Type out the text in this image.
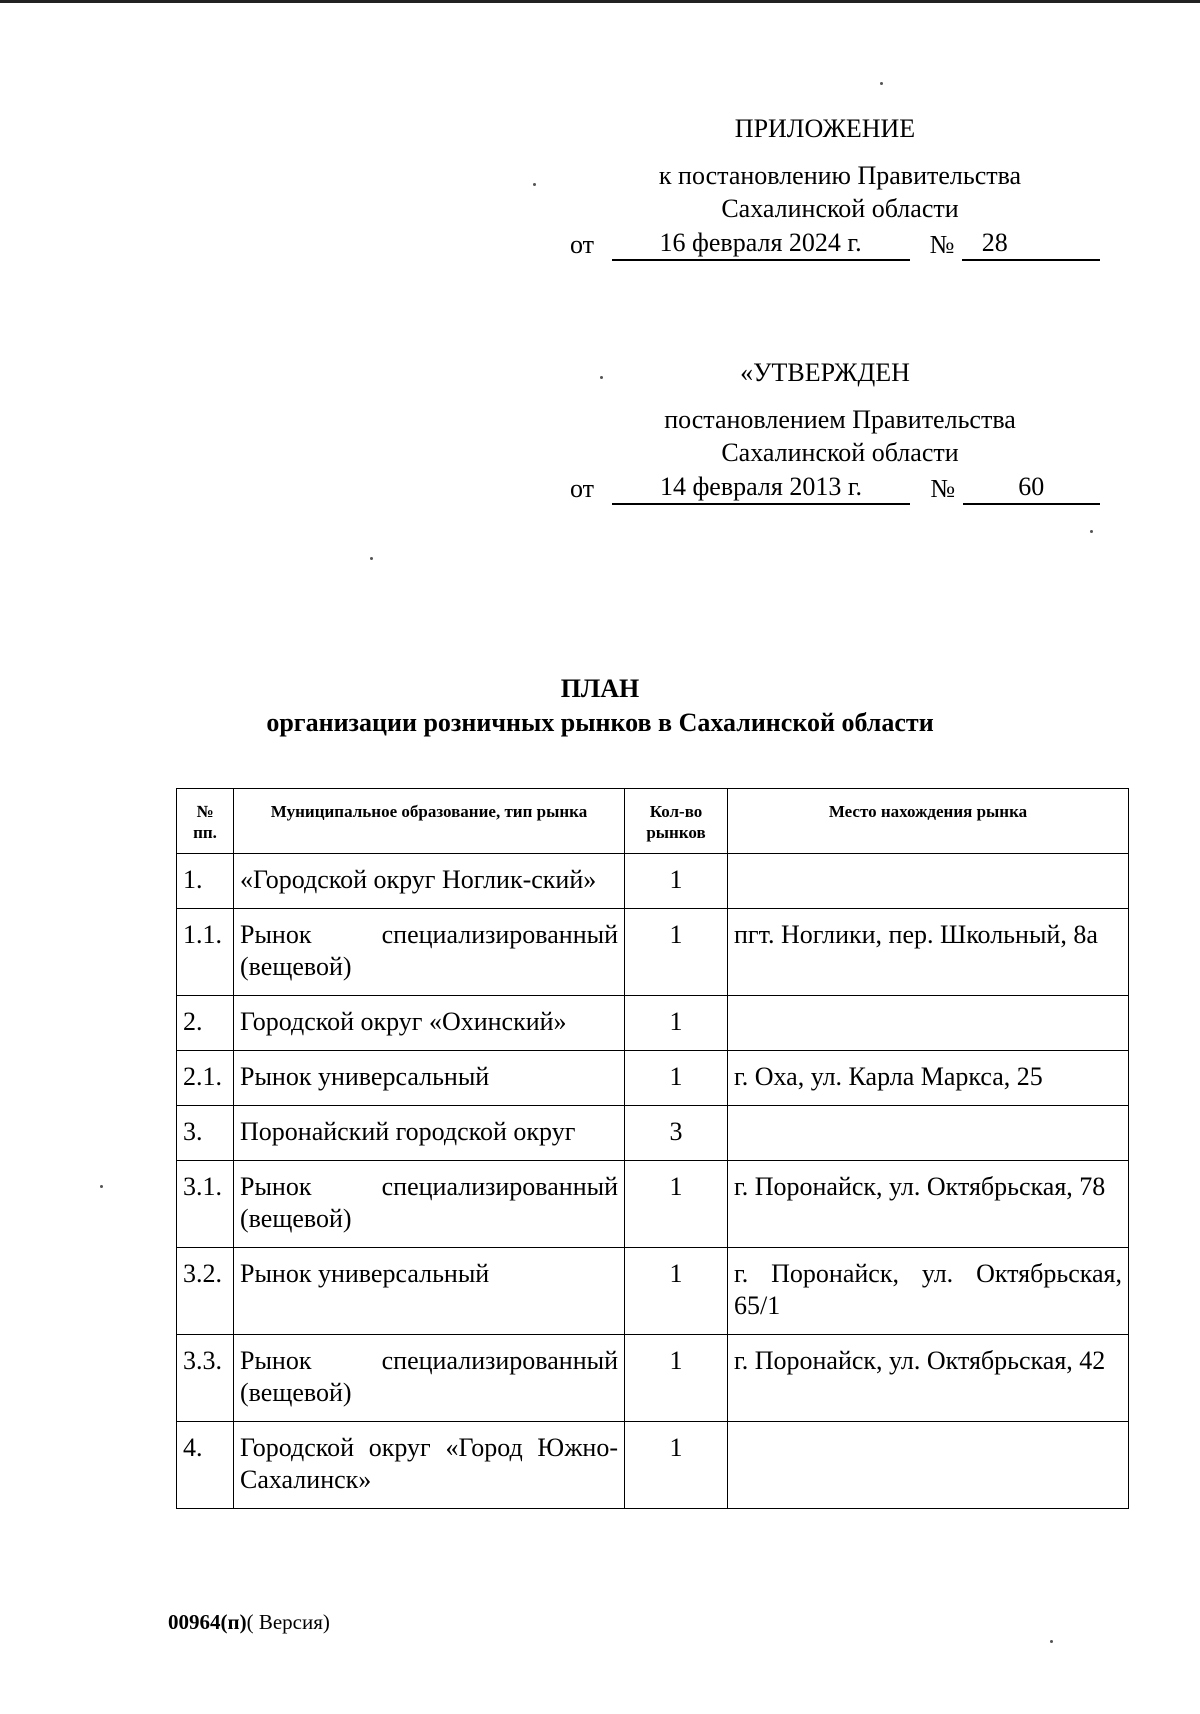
ПРИЛОЖЕНИЕ
к постановлению Правительства
Сахалинской области
от	16 февраля 2024 г.	№	28
«УТВЕРЖДЕН
постановлением Правительства
Сахалинской области
от	14 февраля 2013 г.	№	60
ПЛАН
организации розничных рынков в Сахалинской области
№ пп.	Муниципальное образование, тип рынка	Кол-во рынков	Место нахождения рынка
1.	«Городской округ Ноглик-ский»	1	
1.1.	Рынок специализированный (вещевой)	1	пгт. Ноглики, пер. Школьный, 8а
2.	Городской округ «Охинский»	1	
2.1.	Рынок универсальный	1	г. Оха, ул. Карла Маркса, 25
3.	Поронайский городской округ	3	
3.1.	Рынок специализированный (вещевой)	1	г. Поронайск, ул. Октябрьская, 78
3.2.	Рынок универсальный	1	г. Поронайск, ул. Октябрьская, 65/1
3.3.	Рынок специализированный (вещевой)	1	г. Поронайск, ул. Октябрьская, 42
4.	Городской округ «Город Южно-Сахалинск»	1	
00964(п)( Версия)
